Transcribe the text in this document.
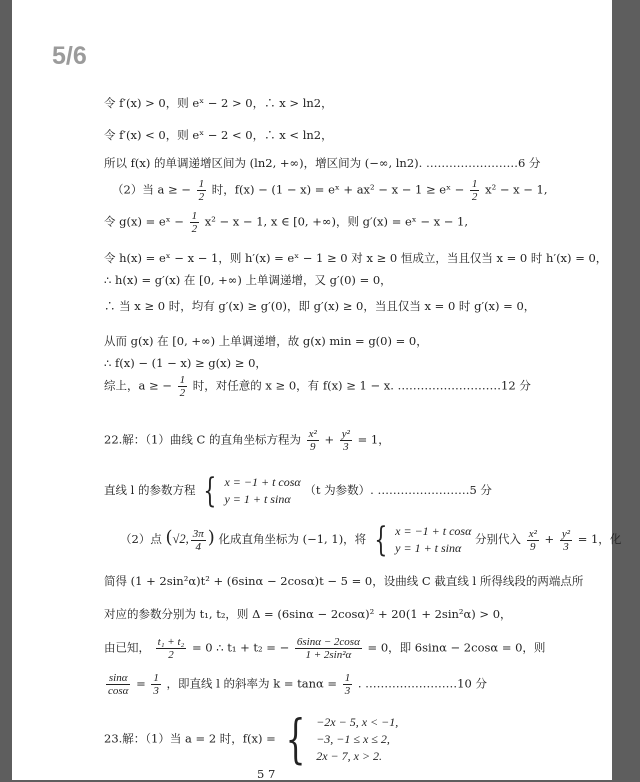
5/6
令 f′(x) > 0，则 eˣ − 2 > 0，∴ x > ln2，
令 f′(x) < 0，则 eˣ − 2 < 0，∴ x < ln2，
所以 f(x) 的单调递增区间为 (ln2, +∞)，增区间为 (−∞, ln2). ……………………6 分
（2）当 a ≥ − $\frac{1}{2}$ 时，f(x) − (1 − x) = eˣ + ax² − x − 1 ≥ eˣ − $\frac{1}{2} x^2 - x - 1$,
令 g(x) = eˣ − $\frac{1}{2} x^2 - x - 1$, x ∈ [0, +∞)，则 g′(x) = eˣ − x − 1,
令 h(x) = eˣ − x − 1，则 h′(x) = eˣ − 1 ≥ 0 对 x ≥ 0 恒成立，当且仅当 x = 0 时 h′(x) = 0，
∴ h(x) = g′(x) 在 [0, +∞) 上单调递增，又 g′(0) = 0，
∴ 当 x ≥ 0 时，均有 g′(x) ≥ g′(0)，即 g′(x) ≥ 0，当且仅当 x = 0 时 g′(x) = 0，
从而 g(x) 在 [0, +∞) 上单调递增，故 g(x) min = g(0) = 0，
∴ f(x) − (1 − x) ≥ g(x) ≥ 0，
综上，a ≥ − $\frac{1}{2}$ 时，对任意的 x ≥ 0，有 f(x) ≥ 1 − x. ………………………12 分
22.解：（1）曲线 C 的直角坐标方程为 $\frac{\text{x²}}{9} + \frac{\text{y²}}{3} = 1$，
直线 l 的参数方程 { x = −1 + t cosα
y = 1 + t sinα
（t 为参数）. ……………………5 分
（2）点 (√2, $\frac{3\pi}{4}$ ) 化成直角坐标为 (−1, 1)，将 { x = −1 + t cosα
y = 1 + t sinα
分别代入 $\frac{\text{x²}}{9} + \frac{\text{y²}}{3} = 1$，化
简得 (1 + 2sin²α)t² + (6sinα − 2cosα)t − 5 = 0，设曲线 C 截直线 l 所得线段的两端点所
对应的参数分别为 t₁, t₂，则 Δ = (6sinα − 2cosα)² + 20(1 + 2sin²α) > 0，
由已知， $\frac{\text{t₁ + t₂}}{2} = 0$ ∴ t₁ + t₂ = − $\frac{6\sin\alpha - 2\cos\alpha}{\text{1 + 2sin²α}} = 0$，即 6sinα − 2cosα = 0，则
$\frac{\sin\alpha}{\cos\alpha} = \frac{1}{3}$ ，即直线 l 的斜率为 $k = \tan\alpha = \frac{1}{3}$ . ……………………10 分
23.解：（1）当 a = 2 时，f(x) = { −2x − 5, x < −1,
−3, −1 ≤ x ≤ 2,
2x − 7, x > 2.
5 7
